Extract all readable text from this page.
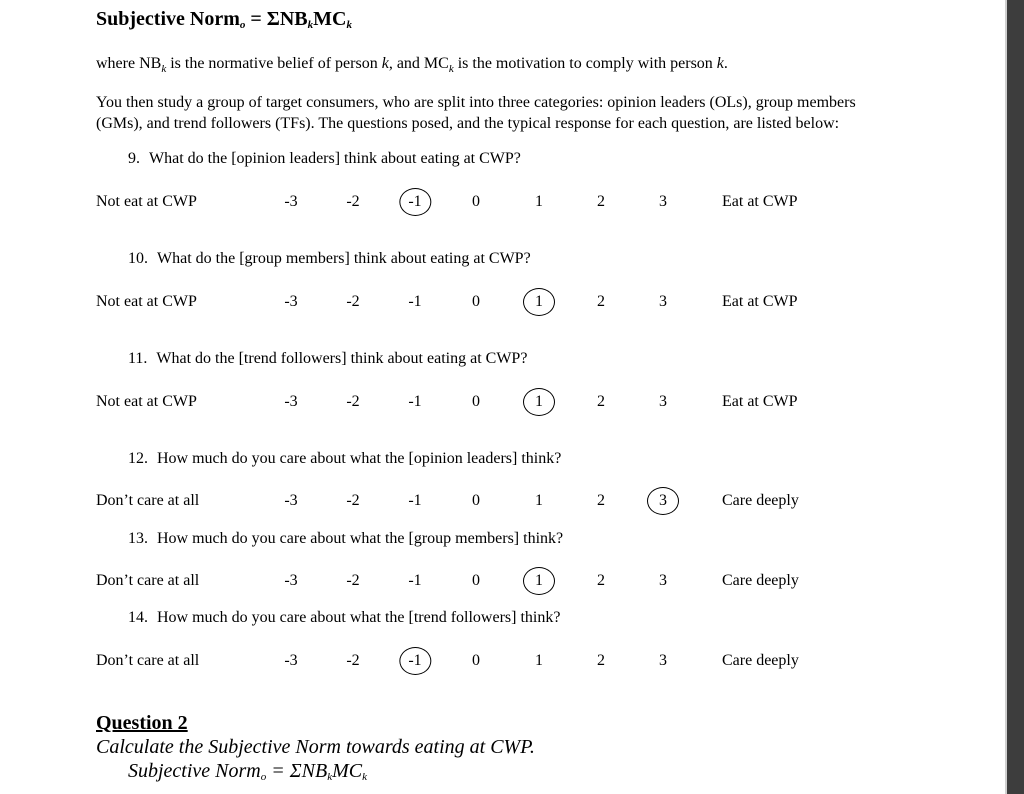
Subjective Norm$_o$ = $\Sigma NB_kMC_k$
where $NB_k$ is the normative belief of person k, and $MC_k$ is the motivation to comply with person k.
You then study a group of target consumers, who are split into three categories: opinion leaders (OLs), group members
(GMs), and trend followers (TFs). The questions posed, and the typical response for each question, are listed below:
9. What do the [opinion leaders] think about eating at CWP?
Not eat at CWP	-3	-2	-1	0	1	2	3	Eat at CWP
10. What do the [group members] think about eating at CWP?
Not eat at CWP	-3	-2	-1	0	1	2	3	Eat at CWP
11. What do the [trend followers] think about eating at CWP?
Not eat at CWP	-3	-2	-1	0	1	2	3	Eat at CWP
12. How much do you care about what the [opinion leaders] think?
Don’t care at all	-3	-2	-1	0	1	2	3	Care deeply
13. How much do you care about what the [group members] think?
Don’t care at all	-3	-2	-1	0	1	2	3	Care deeply
14. How much do you care about what the [trend followers] think?
Don’t care at all	-3	-2	-1	0	1	2	3	Care deeply
Question 2
Calculate the Subjective Norm towards eating at CWP.
Subjective Norm$_o$ = $\Sigma NB_kMC_k$
